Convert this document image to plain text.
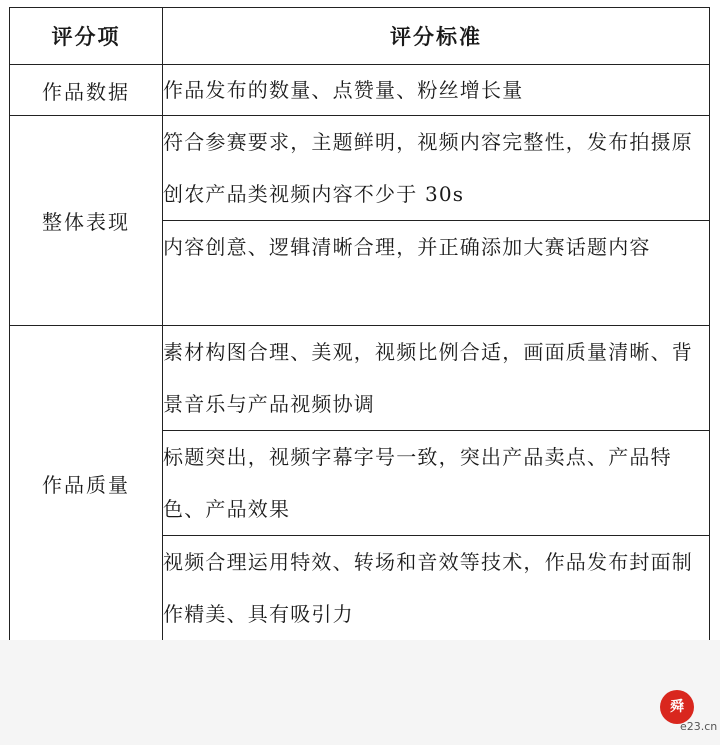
评分项	评分标准
作品数据	作品发布的数量、点赞量、粉丝增长量
整体表现	符合参赛要求，主题鲜明，视频内容完整性，发布拍摄原创农产品类视频内容不少于 30s
	内容创意、逻辑清晰合理，并正确添加大赛话题内容
作品质量	素材构图合理、美观，视频比例合适，画面质量清晰、背景音乐与产品视频协调
	标题突出，视频字幕字号一致，突出产品卖点、产品特色、产品效果
	视频合理运用特效、转场和音效等技术，作品发布封面制作精美、具有吸引力
舜
e23.cn
